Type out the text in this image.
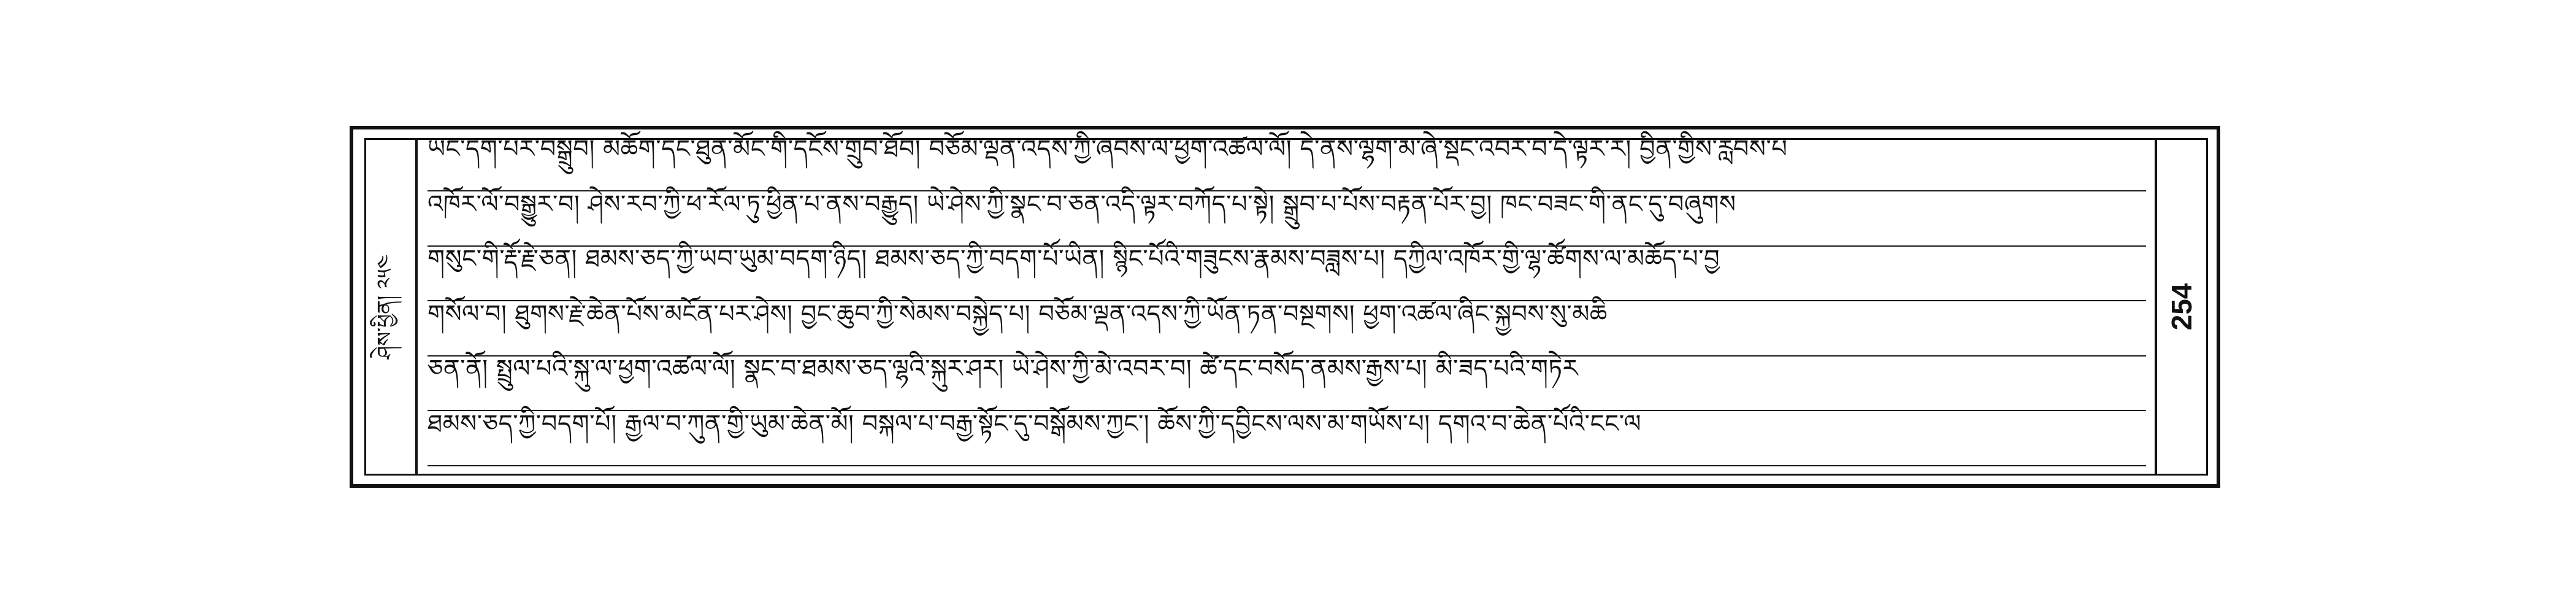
ཤེས་ཕྱིན། ༢༥༤
ཡང་དག་པར་བསྒྲུབ། མཆོག་དང་ཐུན་མོང་གི་དངོས་གྲུབ་ཐོབ། བཅོམ་ལྡན་འདས་ཀྱི་ཞབས་ལ་ཕྱག་འཚལ་ལོ། དེ་ནས་ལྷག་མ་ཞེ་སྡང་འབར་བ་དེ་ལྟར་ར། བྱིན་གྱིས་རླབས་པ
འཁོར་ལོ་བསྒྱུར་བ། ཤེས་རབ་ཀྱི་ཕ་རོལ་ཏུ་ཕྱིན་པ་ནས་བརྒྱུད། ཡེ་ཤེས་ཀྱི་སྣང་བ་ཅན་འདི་ལྟར་བཀོད་པ་སྟེ། སྒྲུབ་པ་པོས་བརྟན་པོར་བྱ། ཁང་བཟང་གི་ནང་དུ་བཞུགས
གསུང་གི་རྡོ་རྗེ་ཅན། ཐམས་ཅད་ཀྱི་ཡབ་ཡུམ་བདག་ཉིད། ཐམས་ཅད་ཀྱི་བདག་པོ་ཡིན། སྙིང་པོའི་གཟུངས་རྣམས་བཟླས་པ། དཀྱིལ་འཁོར་གྱི་ལྷ་ཚོགས་ལ་མཆོད་པ་བྱ
གསོལ་བ། ཐུགས་རྗེ་ཆེན་པོས་མངོན་པར་ཤེས། བྱང་ཆུབ་ཀྱི་སེམས་བསྐྱེད་པ། བཅོམ་ལྡན་འདས་ཀྱི་ཡོན་ཏན་བསྔགས། ཕྱག་འཚལ་ཞིང་སྐྱབས་སུ་མཆི
ཅན་ནོ། སྤྲུལ་པའི་སྐུ་ལ་ཕྱག་འཚལ་ལོ། སྣང་བ་ཐམས་ཅད་ལྷའི་སྐུར་ཤར། ཡེ་ཤེས་ཀྱི་མེ་འབར་བ། ཚེ་དང་བསོད་ནམས་རྒྱས་པ། མི་ཟད་པའི་གཏེར
ཐམས་ཅད་ཀྱི་བདག་པོ། རྒྱལ་བ་ཀུན་གྱི་ཡུམ་ཆེན་མོ། བསྐལ་པ་བརྒྱ་སྟོང་དུ་བསྒོམས་ཀྱང་། ཆོས་ཀྱི་དབྱིངས་ལས་མ་གཡོས་པ། དགའ་བ་ཆེན་པོའི་ངང་ལ
254
